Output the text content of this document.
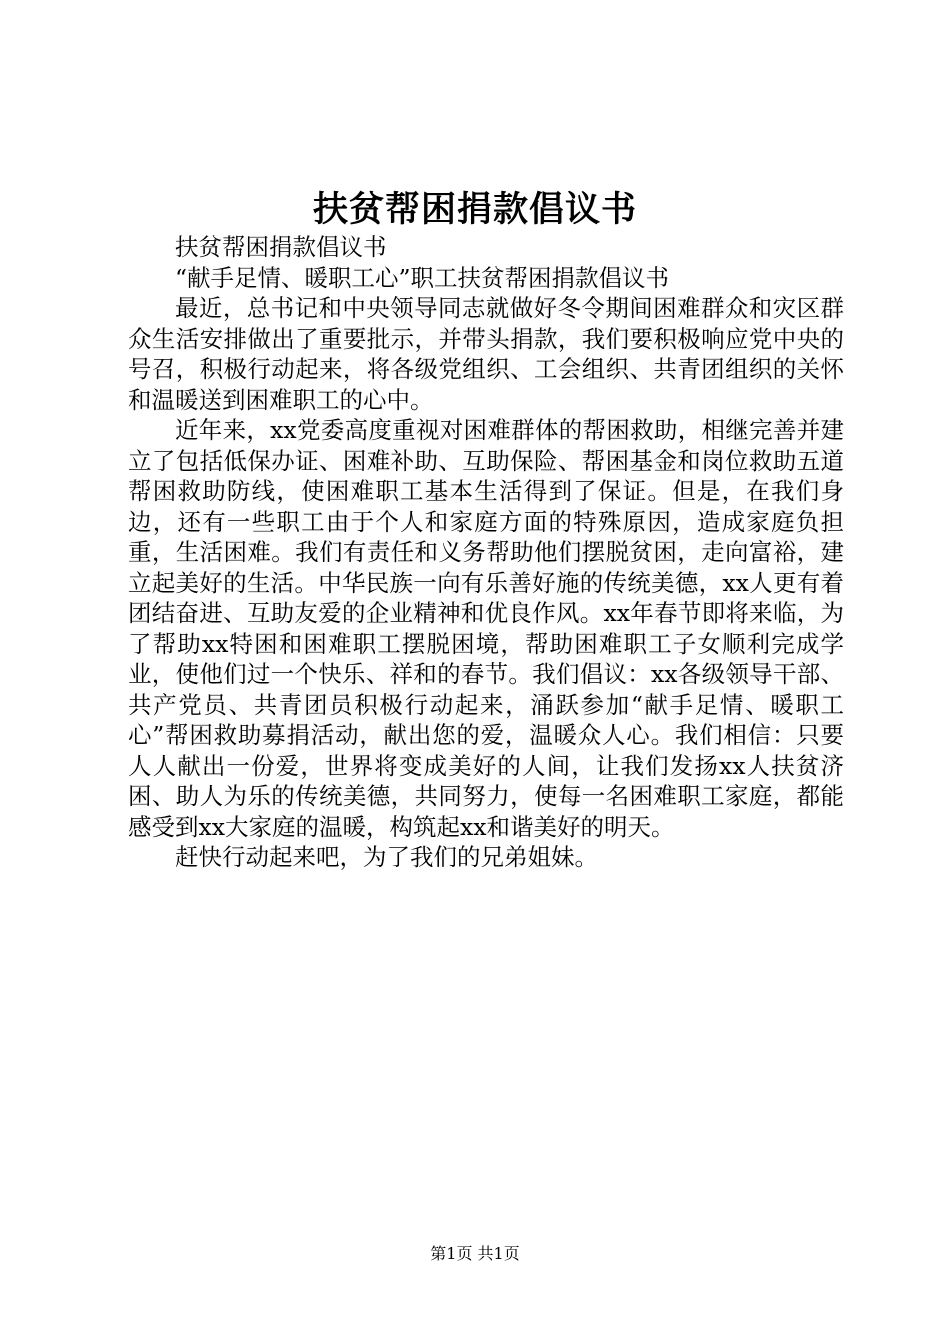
扶贫帮困捐款倡议书

扶贫帮困捐款倡议书

“献手足情、暖职工心”职工扶贫帮困捐款倡议书

最近，总书记和中央领导同志就做好冬令期间困难群众和灾区群众生活安排做出了重要批示，并带头捐款，我们要积极响应党中央的号召，积极行动起来，将各级党组织、工会组织、共青团组织的关怀和温暖送到困难职工的心中。

近年来，xx党委高度重视对困难群体的帮困救助，相继完善并建立了包括低保办证、困难补助、互助保险、帮困基金和岗位救助五道帮困救助防线，使困难职工基本生活得到了保证。但是，在我们身边，还有一些职工由于个人和家庭方面的特殊原因，造成家庭负担重，生活困难。我们有责任和义务帮助他们摆脱贫困，走向富裕，建立起美好的生活。中华民族一向有乐善好施的传统美德，xx人更有着团结奋进、互助友爱的企业精神和优良作风。xx年春节即将来临，为了帮助xx特困和困难职工摆脱困境，帮助困难职工子女顺利完成学业，使他们过一个快乐、祥和的春节。我们倡议：xx各级领导干部、共产党员、共青团员积极行动起来，涌跃参加“献手足情、暖职工心”帮困救助募捐活动，献出您的爱，温暖众人心。我们相信：只要人人献出一份爱，世界将变成美好的人间，让我们发扬xx人扶贫济困、助人为乐的传统美德，共同努力，使每一名困难职工家庭，都能感受到xx大家庭的温暖，构筑起xx和谐美好的明天。

赶快行动起来吧，为了我们的兄弟姐妹。

第1页 共1页
